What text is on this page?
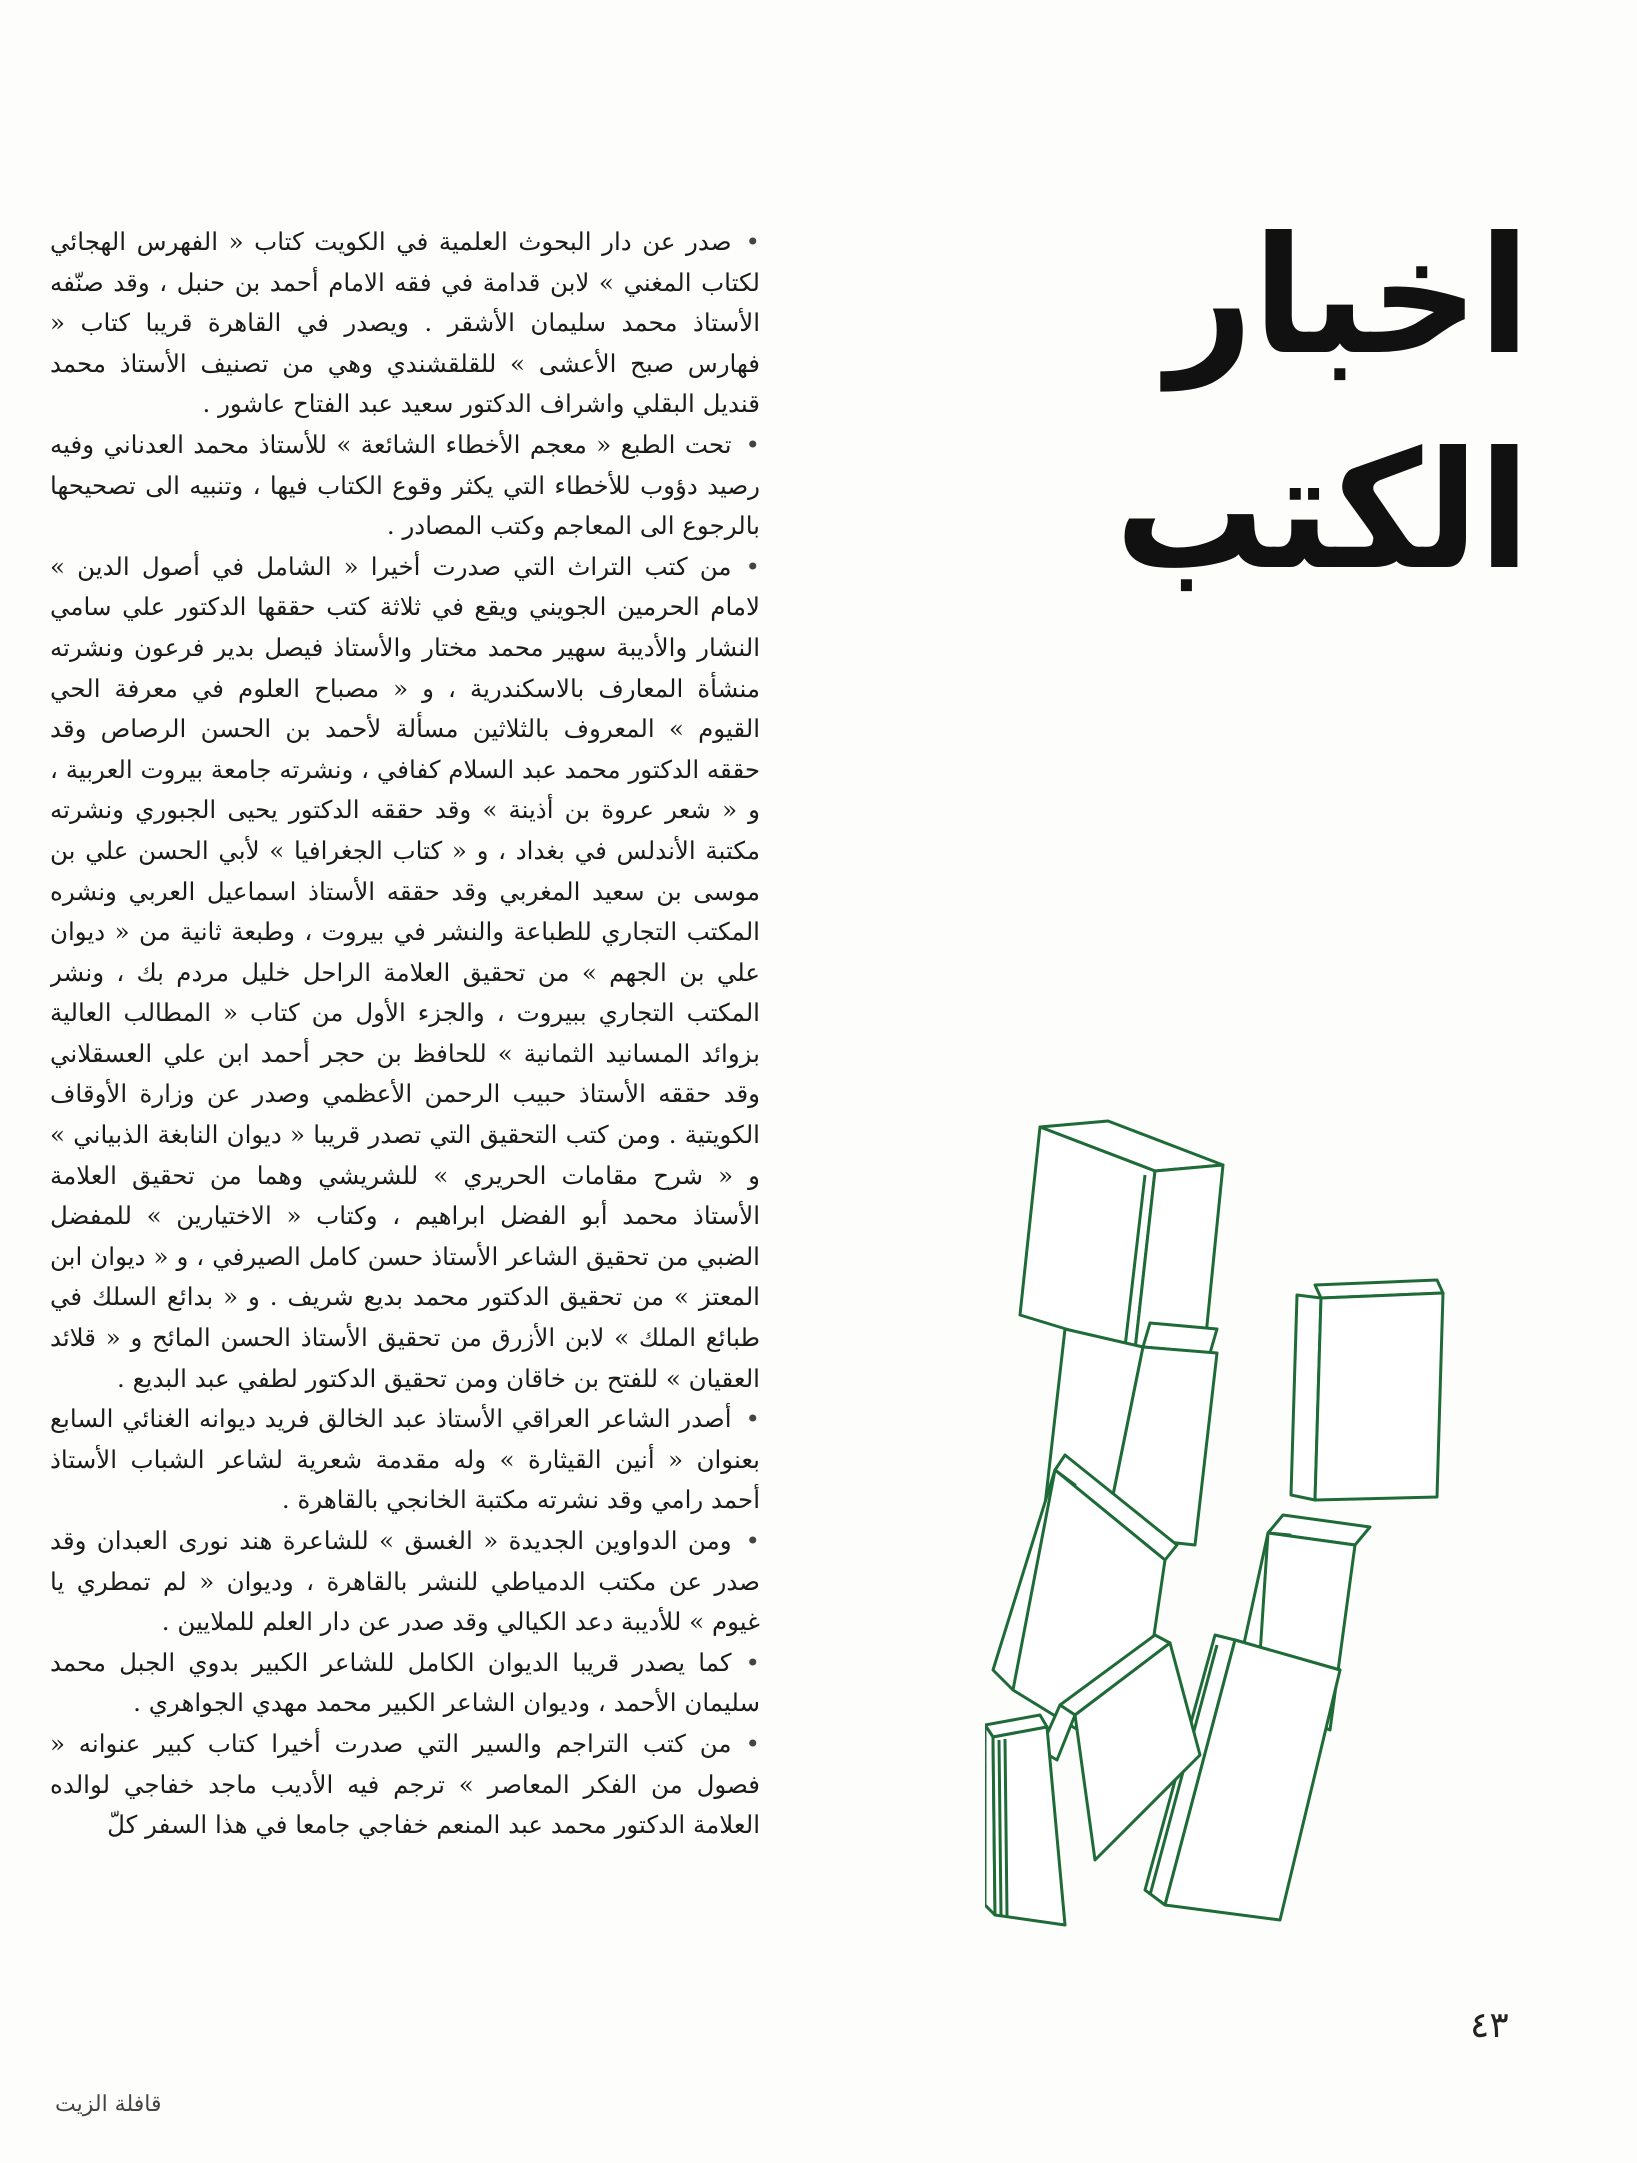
اخبار
الكتب

• صدر عن دار البحوث العلمية في الكويت كتاب « الفهرس الهجائي لكتاب المغني » لابن قدامة في فقه الامام أحمد بن حنبل ، وقد صنّفه الأستاذ محمد سليمان الأشقر . ويصدر في القاهرة قريبا كتاب « فهارس صبح الأعشى » للقلقشندي وهي من تصنيف الأستاذ محمد قنديل البقلي واشراف الدكتور سعيد عبد الفتاح عاشور .

• تحت الطبع « معجم الأخطاء الشائعة » للأستاذ محمد العدناني وفيه رصيد دؤوب للأخطاء التي يكثر وقوع الكتاب فيها ، وتنبيه الى تصحيحها بالرجوع الى المعاجم وكتب المصادر .

• من كتب التراث التي صدرت أخيرا « الشامل في أصول الدين » لامام الحرمين الجويني ويقع في ثلاثة كتب حققها الدكتور علي سامي النشار والأديبة سهير محمد مختار والأستاذ فيصل بدير فرعون ونشرته منشأة المعارف بالاسكندرية ، و « مصباح العلوم في معرفة الحي القيوم » المعروف بالثلاثين مسألة لأحمد بن الحسن الرصاص وقد حققه الدكتور محمد عبد السلام كفافي ، ونشرته جامعة بيروت العربية ، و « شعر عروة بن أذينة » وقد حققه الدكتور يحيى الجبوري ونشرته مكتبة الأندلس في بغداد ، و « كتاب الجغرافيا » لأبي الحسن علي بن موسى بن سعيد المغربي وقد حققه الأستاذ اسماعيل العربي ونشره المكتب التجاري للطباعة والنشر في بيروت ، وطبعة ثانية من « ديوان علي بن الجهم » من تحقيق العلامة الراحل خليل مردم بك ، ونشر المكتب التجاري ببيروت ، والجزء الأول من كتاب « المطالب العالية بزوائد المسانيد الثمانية » للحافظ بن حجر أحمد ابن علي العسقلاني وقد حققه الأستاذ حبيب الرحمن الأعظمي وصدر عن وزارة الأوقاف الكويتية . ومن كتب التحقيق التي تصدر قريبا « ديوان النابغة الذبياني » و « شرح مقامات الحريري » للشريشي وهما من تحقيق العلامة الأستاذ محمد أبو الفضل ابراهيم ، وكتاب « الاختيارين » للمفضل الضبي من تحقيق الشاعر الأستاذ حسن كامل الصيرفي ، و « ديوان ابن المعتز » من تحقيق الدكتور محمد بديع شريف . و « بدائع السلك في طبائع الملك » لابن الأزرق من تحقيق الأستاذ الحسن المائح و « قلائد العقيان » للفتح بن خاقان ومن تحقيق الدكتور لطفي عبد البديع .

• أصدر الشاعر العراقي الأستاذ عبد الخالق فريد ديوانه الغنائي السابع بعنوان « أنين القيثارة » وله مقدمة شعرية لشاعر الشباب الأستاذ أحمد رامي وقد نشرته مكتبة الخانجي بالقاهرة .

• ومن الدواوين الجديدة « الغسق » للشاعرة هند نورى العبدان وقد صدر عن مكتب الدمياطي للنشر بالقاهرة ، وديوان « لم تمطري يا غيوم » للأديبة دعد الكيالي وقد صدر عن دار العلم للملايين .

• كما يصدر قريبا الديوان الكامل للشاعر الكبير بدوي الجبل محمد سليمان الأحمد ، وديوان الشاعر الكبير محمد مهدي الجواهري .

• من كتب التراجم والسير التي صدرت أخيرا كتاب كبير عنوانه « فصول من الفكر المعاصر » ترجم فيه الأديب ماجد خفاجي لوالده العلامة الدكتور محمد عبد المنعم خفاجي جامعا في هذا السفر كلّ

٤٣
قافلة الزيت
